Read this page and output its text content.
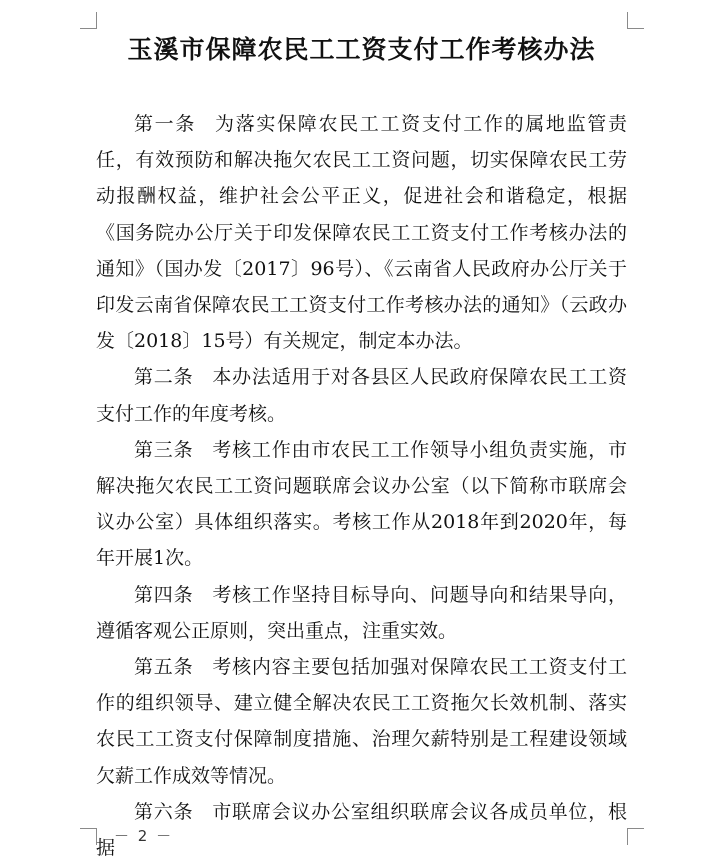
玉溪市保障农民工工资支付工作考核办法

第一条 为落实保障农民工工资支付工作的属地监管责任，有效预防和解决拖欠农民工工资问题，切实保障农民工劳动报酬权益，维护社会公平正义，促进社会和谐稳定，根据《国务院办公厅关于印发保障农民工工资支付工作考核办法的通知》（国办发〔2017〕96号）、《云南省人民政府办公厅关于印发云南省保障农民工工资支付工作考核办法的通知》（云政办发〔2018〕15号）有关规定，制定本办法。

第二条 本办法适用于对各县区人民政府保障农民工工资支付工作的年度考核。

第三条 考核工作由市农民工工作领导小组负责实施，市解决拖欠农民工工资问题联席会议办公室（以下简称市联席会议办公室）具体组织落实。考核工作从2018年到2020年，每年开展1次。

第四条 考核工作坚持目标导向、问题导向和结果导向，遵循客观公正原则，突出重点，注重实效。

第五条 考核内容主要包括加强对保障农民工工资支付工作的组织领导、建立健全解决农民工工资拖欠长效机制、落实农民工工资支付保障制度措施、治理欠薪特别是工程建设领域欠薪工作成效等情况。

第六条 市联席会议办公室组织联席会议各成员单位，根据

－ 2 －
